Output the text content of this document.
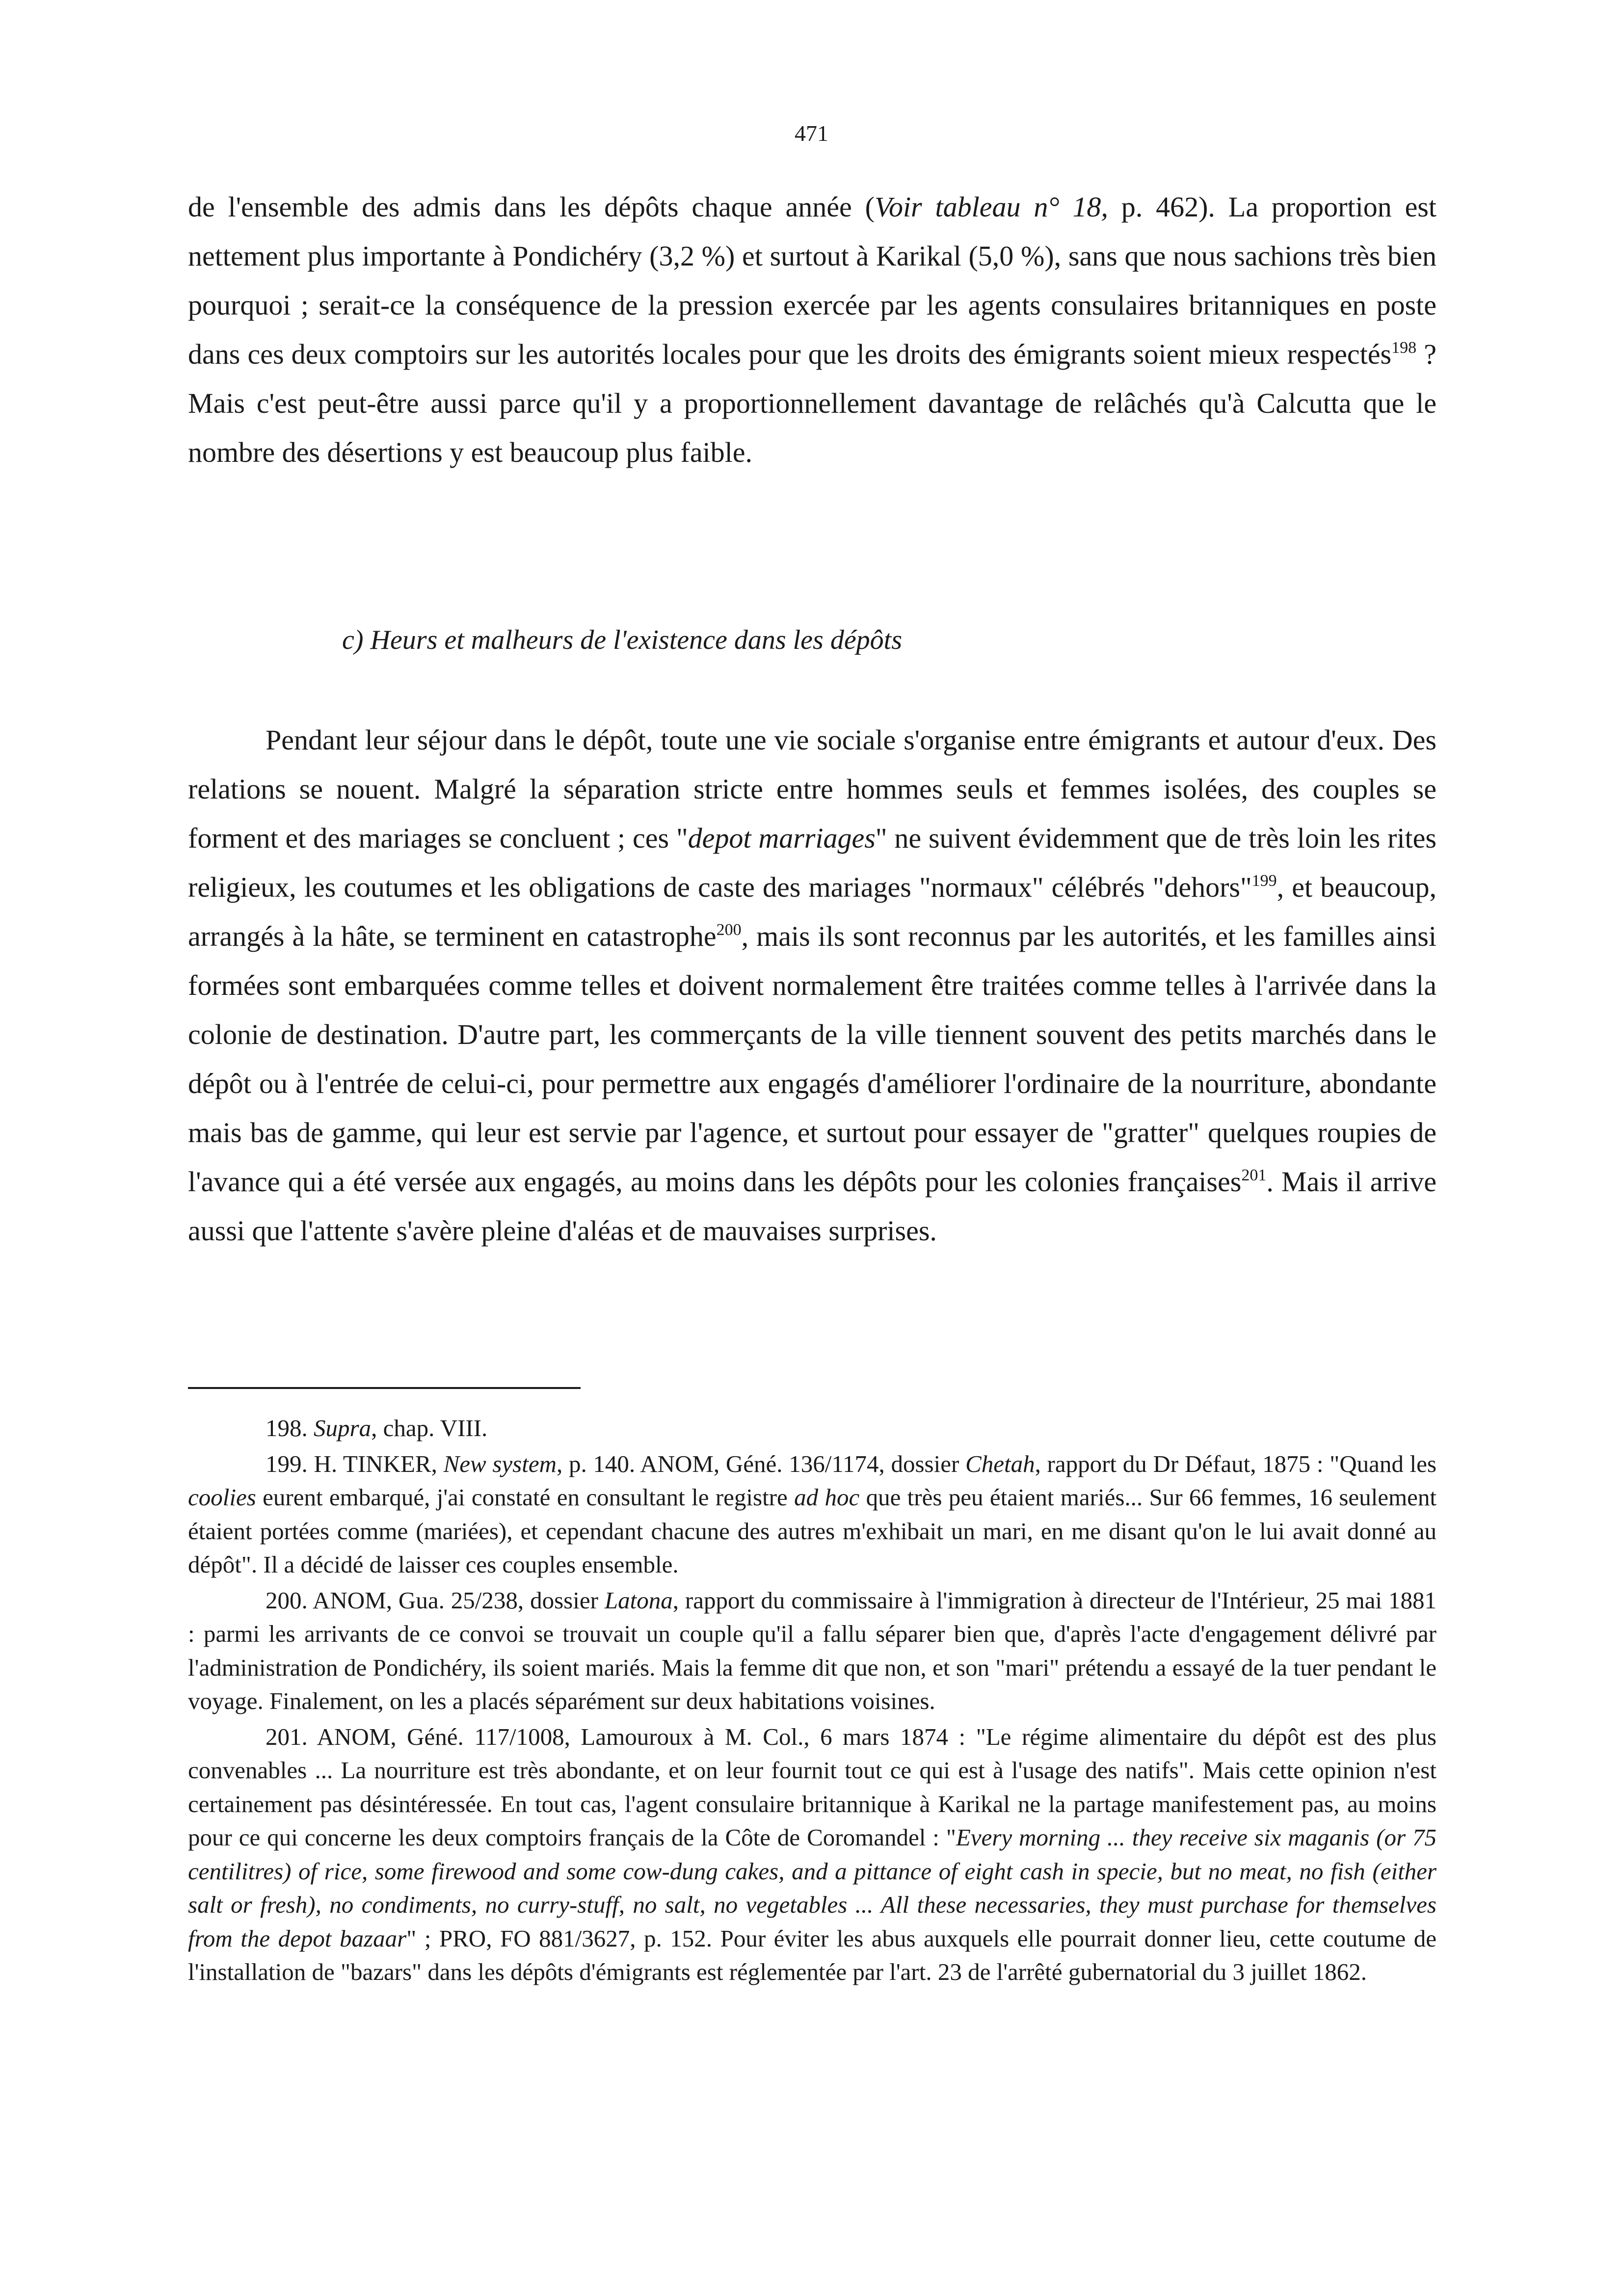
471

de l'ensemble des admis dans les dépôts chaque année (Voir tableau n° 18, p. 462). La proportion est nettement plus importante à Pondichéry (3,2 %) et surtout à Karikal (5,0 %), sans que nous sachions très bien pourquoi ; serait-ce la conséquence de la pression exercée par les agents consulaires britanniques en poste dans ces deux comptoirs sur les autorités locales pour que les droits des émigrants soient mieux respectés$^{198}$ ? Mais c'est peut-être aussi parce qu'il y a proportionnellement davantage de relâchés qu'à Calcutta que le nombre des désertions y est beaucoup plus faible.

c) Heurs et malheurs de l'existence dans les dépôts

Pendant leur séjour dans le dépôt, toute une vie sociale s'organise entre émigrants et autour d'eux. Des relations se nouent. Malgré la séparation stricte entre hommes seuls et femmes isolées, des couples se forment et des mariages se concluent ; ces "depot marriages" ne suivent évidemment que de très loin les rites religieux, les coutumes et les obligations de caste des mariages "normaux" célébrés "dehors"$^{199}$, et beaucoup, arrangés à la hâte, se terminent en catastrophe$^{200}$, mais ils sont reconnus par les autorités, et les familles ainsi formées sont embarquées comme telles et doivent normalement être traitées comme telles à l'arrivée dans la colonie de destination. D'autre part, les commerçants de la ville tiennent souvent des petits marchés dans le dépôt ou à l'entrée de celui-ci, pour permettre aux engagés d'améliorer l'ordinaire de la nourriture, abondante mais bas de gamme, qui leur est servie par l'agence, et surtout pour essayer de "gratter" quelques roupies de l'avance qui a été versée aux engagés, au moins dans les dépôts pour les colonies françaises$^{201}$. Mais il arrive aussi que l'attente s'avère pleine d'aléas et de mauvaises surprises.

198. Supra, chap. VIII.

199. H. TINKER, New system, p. 140. ANOM, Géné. 136/1174, dossier Chetah, rapport du Dr Défaut, 1875 : "Quand les coolies eurent embarqué, j'ai constaté en consultant le registre ad hoc que très peu étaient mariés... Sur 66 femmes, 16 seulement étaient portées comme (mariées), et cependant chacune des autres m'exhibait un mari, en me disant qu'on le lui avait donné au dépôt". Il a décidé de laisser ces couples ensemble.

200. ANOM, Gua. 25/238, dossier Latona, rapport du commissaire à l'immigration à directeur de l'Intérieur, 25 mai 1881 : parmi les arrivants de ce convoi se trouvait un couple qu'il a fallu séparer bien que, d'après l'acte d'engagement délivré par l'administration de Pondichéry, ils soient mariés. Mais la femme dit que non, et son "mari" prétendu a essayé de la tuer pendant le voyage. Finalement, on les a placés séparément sur deux habitations voisines.

201. ANOM, Géné. 117/1008, Lamouroux à M. Col., 6 mars 1874 : "Le régime alimentaire du dépôt est des plus convenables ... La nourriture est très abondante, et on leur fournit tout ce qui est à l'usage des natifs". Mais cette opinion n'est certainement pas désintéressée. En tout cas, l'agent consulaire britannique à Karikal ne la partage manifestement pas, au moins pour ce qui concerne les deux comptoirs français de la Côte de Coromandel : "Every morning ... they receive six maganis (or 75 centilitres) of rice, some firewood and some cow-dung cakes, and a pittance of eight cash in specie, but no meat, no fish (either salt or fresh), no condiments, no curry-stuff, no salt, no vegetables ... All these necessaries, they must purchase for themselves from the depot bazaar" ; PRO, FO 881/3627, p. 152. Pour éviter les abus auxquels elle pourrait donner lieu, cette coutume de l'installation de "bazars" dans les dépôts d'émigrants est réglementée par l'art. 23 de l'arrêté gubernatorial du 3 juillet 1862.
